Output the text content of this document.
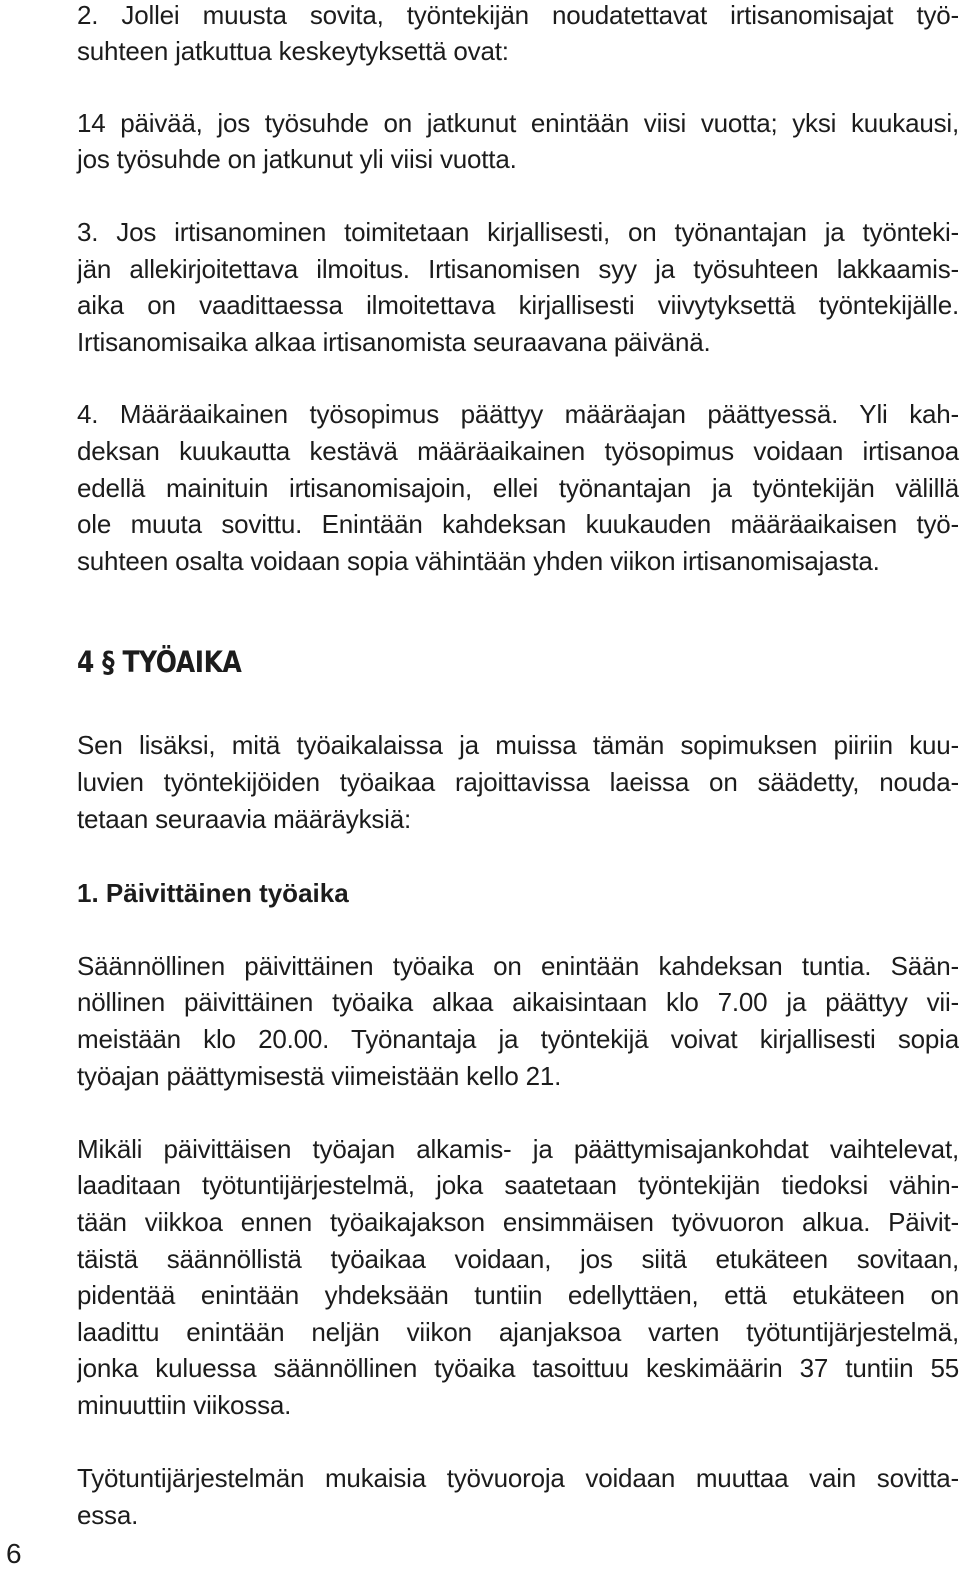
2. Jollei muusta sovita, työntekijän noudatettavat irtisanomisajat työ-
suhteen jatkuttua keskeytyksettä ovat:
14 päivää, jos työsuhde on jatkunut enintään viisi vuotta; yksi kuukausi,
jos työsuhde on jatkunut yli viisi vuotta.
3. Jos irtisanominen toimitetaan kirjallisesti, on työnantajan ja työnteki-
jän allekirjoitettava ilmoitus. Irtisanomisen syy ja työsuhteen lakkaamis-
aika on vaadittaessa ilmoitettava kirjallisesti viivytyksettä työntekijälle.
Irtisanomisaika alkaa irtisanomista seuraavana päivänä.
4. Määräaikainen työsopimus päättyy määräajan päättyessä. Yli kah-
deksan kuukautta kestävä määräaikainen työsopimus voidaan irtisanoa
edellä mainituin irtisanomisajoin, ellei työnantajan ja työntekijän välillä
ole muuta sovittu. Enintään kahdeksan kuukauden määräaikaisen työ-
suhteen osalta voidaan sopia vähintään yhden viikon irtisanomisajasta.
4 § TYÖAIKA
Sen lisäksi, mitä työaikalaissa ja muissa tämän sopimuksen piiriin kuu-
luvien työntekijöiden työaikaa rajoittavissa laeissa on säädetty, nouda-
tetaan seuraavia määräyksiä:
1. Päivittäinen työaika
Säännöllinen päivittäinen työaika on enintään kahdeksan tuntia. Sään-
nöllinen päivittäinen työaika alkaa aikaisintaan klo 7.00 ja päättyy vii-
meistään klo 20.00. Työnantaja ja työntekijä voivat kirjallisesti sopia
työajan päättymisestä viimeistään kello 21.
Mikäli päivittäisen työajan alkamis- ja päättymisajankohdat vaihtelevat,
laaditaan työtuntijärjestelmä, joka saatetaan työntekijän tiedoksi vähin-
tään viikkoa ennen työaikajakson ensimmäisen työvuoron alkua. Päivit-
täistä säännöllistä työaikaa voidaan, jos siitä etukäteen sovitaan,
pidentää enintään yhdeksään tuntiin edellyttäen, että etukäteen on
laadittu enintään neljän viikon ajanjaksoa varten työtuntijärjestelmä,
jonka kuluessa säännöllinen työaika tasoittuu keskimäärin 37 tuntiin 55
minuuttiin viikossa.
Työtuntijärjestelmän mukaisia työvuoroja voidaan muuttaa vain sovitta-
essa.
6
